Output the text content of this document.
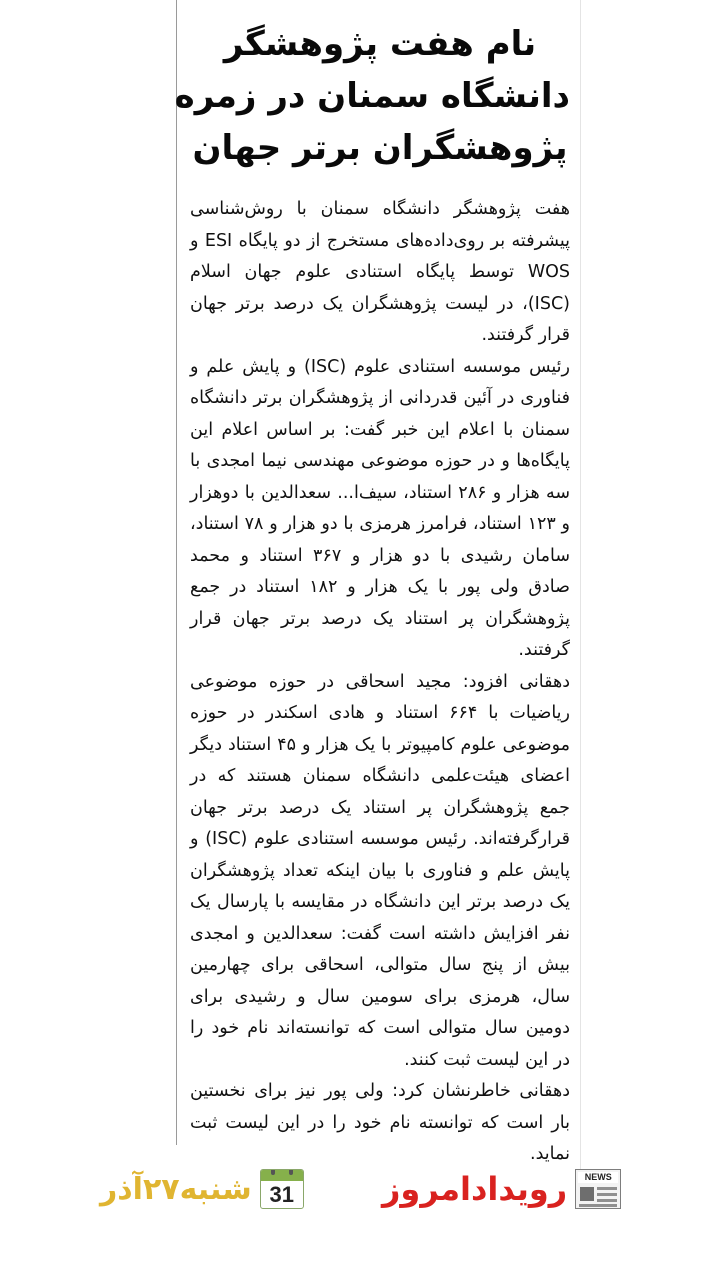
نام هفت پژوهشگر
دانشگاه سمنان در زمره
پژوهشگران برتر جهان

هفت پژوهشگر دانشگاه سمنان با روش‌شناسی پیشرفته بر روی‌داده‌های مستخرج از دو پایگاه ESI و WOS توسط پایگاه استنادی علوم جهان اسلام (ISC)، در لیست پژوهشگران یک درصد برتر جهان قرار گرفتند.

رئیس موسسه استنادی علوم (ISC) و پایش علم و فناوری در آئین قدردانی از پژوهشگران برتر دانشگاه سمنان با اعلام این خبر گفت: بر اساس اعلام این پایگاه‌ها و در حوزه موضوعی مهندسی نیما امجدی با سه هزار و ۲۸۶ استناد، سیف‌ا... سعدالدین با دوهزار و ۱۲۳ استناد، فرامرز هرمزی با دو هزار و ۷۸ استناد، سامان رشیدی با دو هزار و ۳۶۷ استناد و محمد صادق ولی پور با یک هزار و ۱۸۲ استناد در جمع پژوهشگران پر استناد یک درصد برتر جهان قرار گرفتند.

دهقانی افزود: مجید اسحاقی در حوزه موضوعی ریاضیات با ۶۶۴ استناد و هادی اسکندر در حوزه موضوعی علوم کامپیوتر با یک هزار و ۴۵ استناد دیگر اعضای هیئت‌علمی دانشگاه سمنان هستند که در جمع پژوهشگران پر استناد یک درصد برتر جهان قرارگرفته‌اند. رئیس موسسه استنادی علوم (ISC) و پایش علم و فناوری با بیان اینکه تعداد پژوهشگران یک درصد برتر این دانشگاه در مقایسه با پارسال یک نفر افزایش داشته است گفت: سعدالدین و امجدی بیش از پنج سال متوالی، اسحاقی برای چهارمین سال، هرمزی برای سومین سال و رشیدی برای دومین سال متوالی است که توانسته‌اند نام خود را در این لیست ثبت کنند.

دهقانی خاطرنشان کرد: ولی پور نیز برای نخستین بار است که توانسته نام خود را در این لیست ثبت نماید.

شنبه۲۷آذر 31	رویدادامروز	NEWS
